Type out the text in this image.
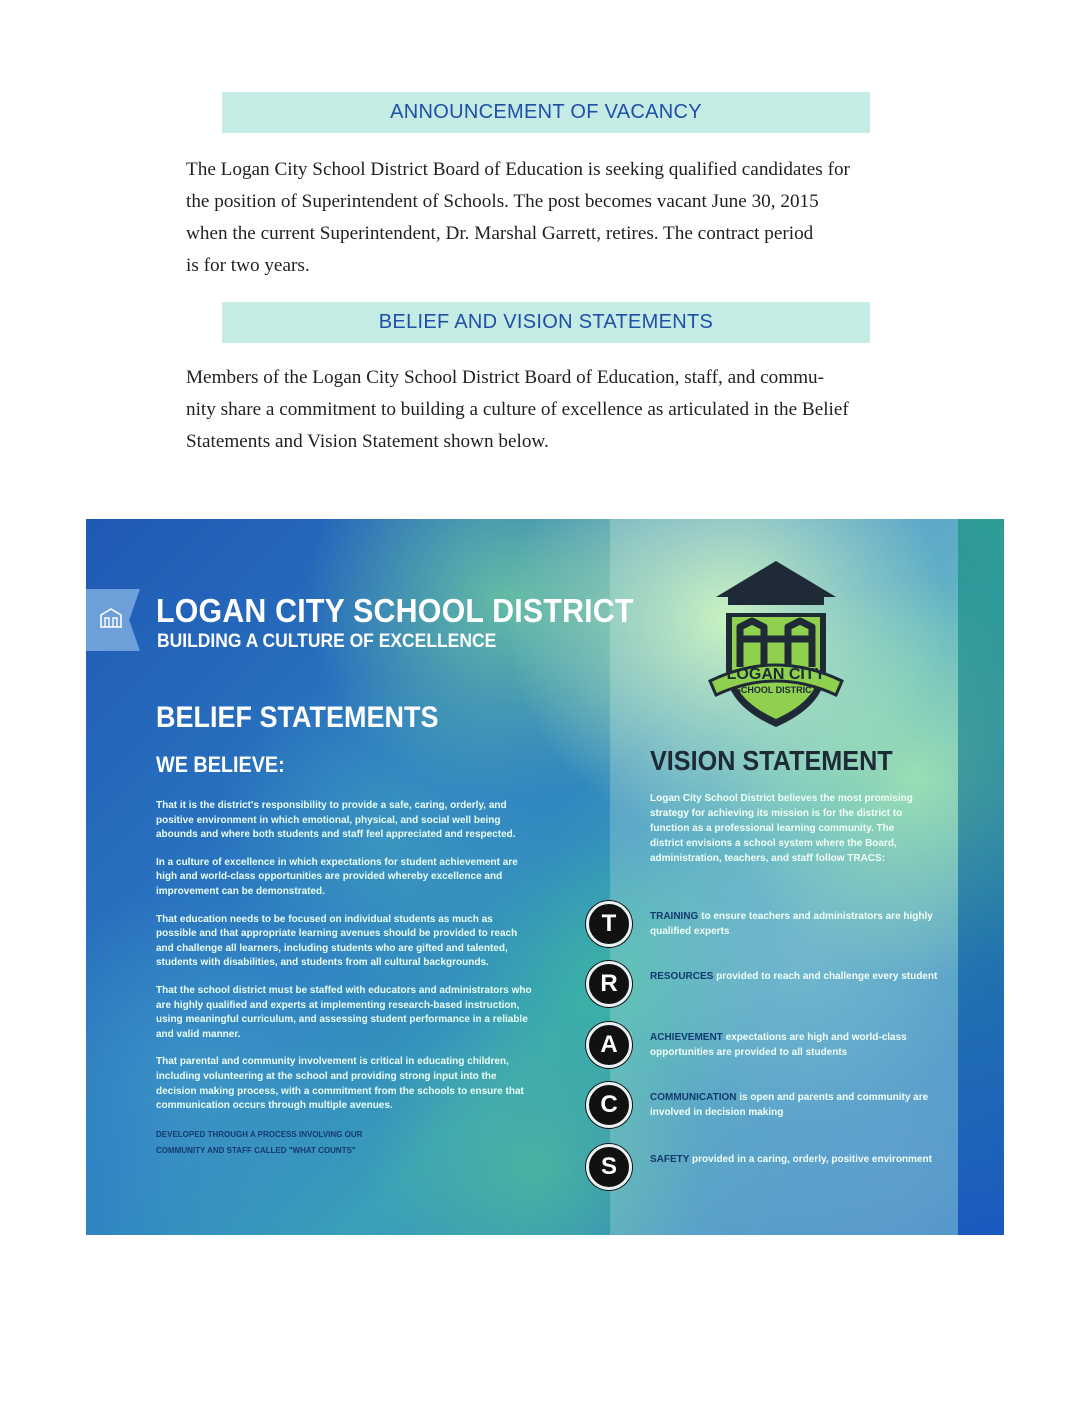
ANNOUNCEMENT OF VACANCY

The Logan City School District Board of Education is seeking qualified candidates for
the position of Superintendent of Schools. The post becomes vacant June 30, 2015
when the current Superintendent, Dr. Marshal Garrett, retires. The contract period
is for two years.

BELIEF AND VISION STATEMENTS

Members of the Logan City School District Board of Education, staff, and commu-
nity share a commitment to building a culture of excellence as articulated in the Belief
Statements and Vision Statement shown below.

LOGAN CITY SCHOOL DISTRICT
BUILDING A CULTURE OF EXCELLENCE
BELIEF STATEMENTS
WE BELIEVE:
That it is the district's responsibility to provide a safe, caring, orderly, and positive environment in which emotional, physical, and social well being abounds and where both students and staff feel appreciated and respected.
In a culture of excellence in which expectations for student achievement are high and world-class opportunities are provided whereby excellence and improvement can be demonstrated.
That education needs to be focused on individual students as much as possible and that appropriate learning avenues should be provided to reach and challenge all learners, including students who are gifted and talented, students with disabilities, and students from all cultural backgrounds.
That the school district must be staffed with educators and administrators who are highly qualified and experts at implementing research-based instruction, using meaningful curriculum, and assessing student performance in a reliable and valid manner.
That parental and community involvement is critical in educating children, including volunteering at the school and providing strong input into the decision making process, with a commitment from the schools to ensure that communication occurs through multiple avenues.
DEVELOPED THROUGH A PROCESS INVOLVING OUR
COMMUNITY AND STAFF CALLED "WHAT COUNTS"
LOGAN CITY
SCHOOL DISTRICT
VISION STATEMENT

Logan City School District believes the most promising strategy for achieving its mission is for the district to function as a professional learning community. The district envisions a school system where the Board, administration, teachers, and staff follow TRACS:

T	TRAINING to ensure teachers and administrators are highly qualified experts

R	RESOURCES provided to reach and challenge every student

A	ACHIEVEMENT expectations are high and world-class opportunities are provided to all students

C	COMMUNICATION is open and parents and community are involved in decision making

S	SAFETY provided in a caring, orderly, positive environment
